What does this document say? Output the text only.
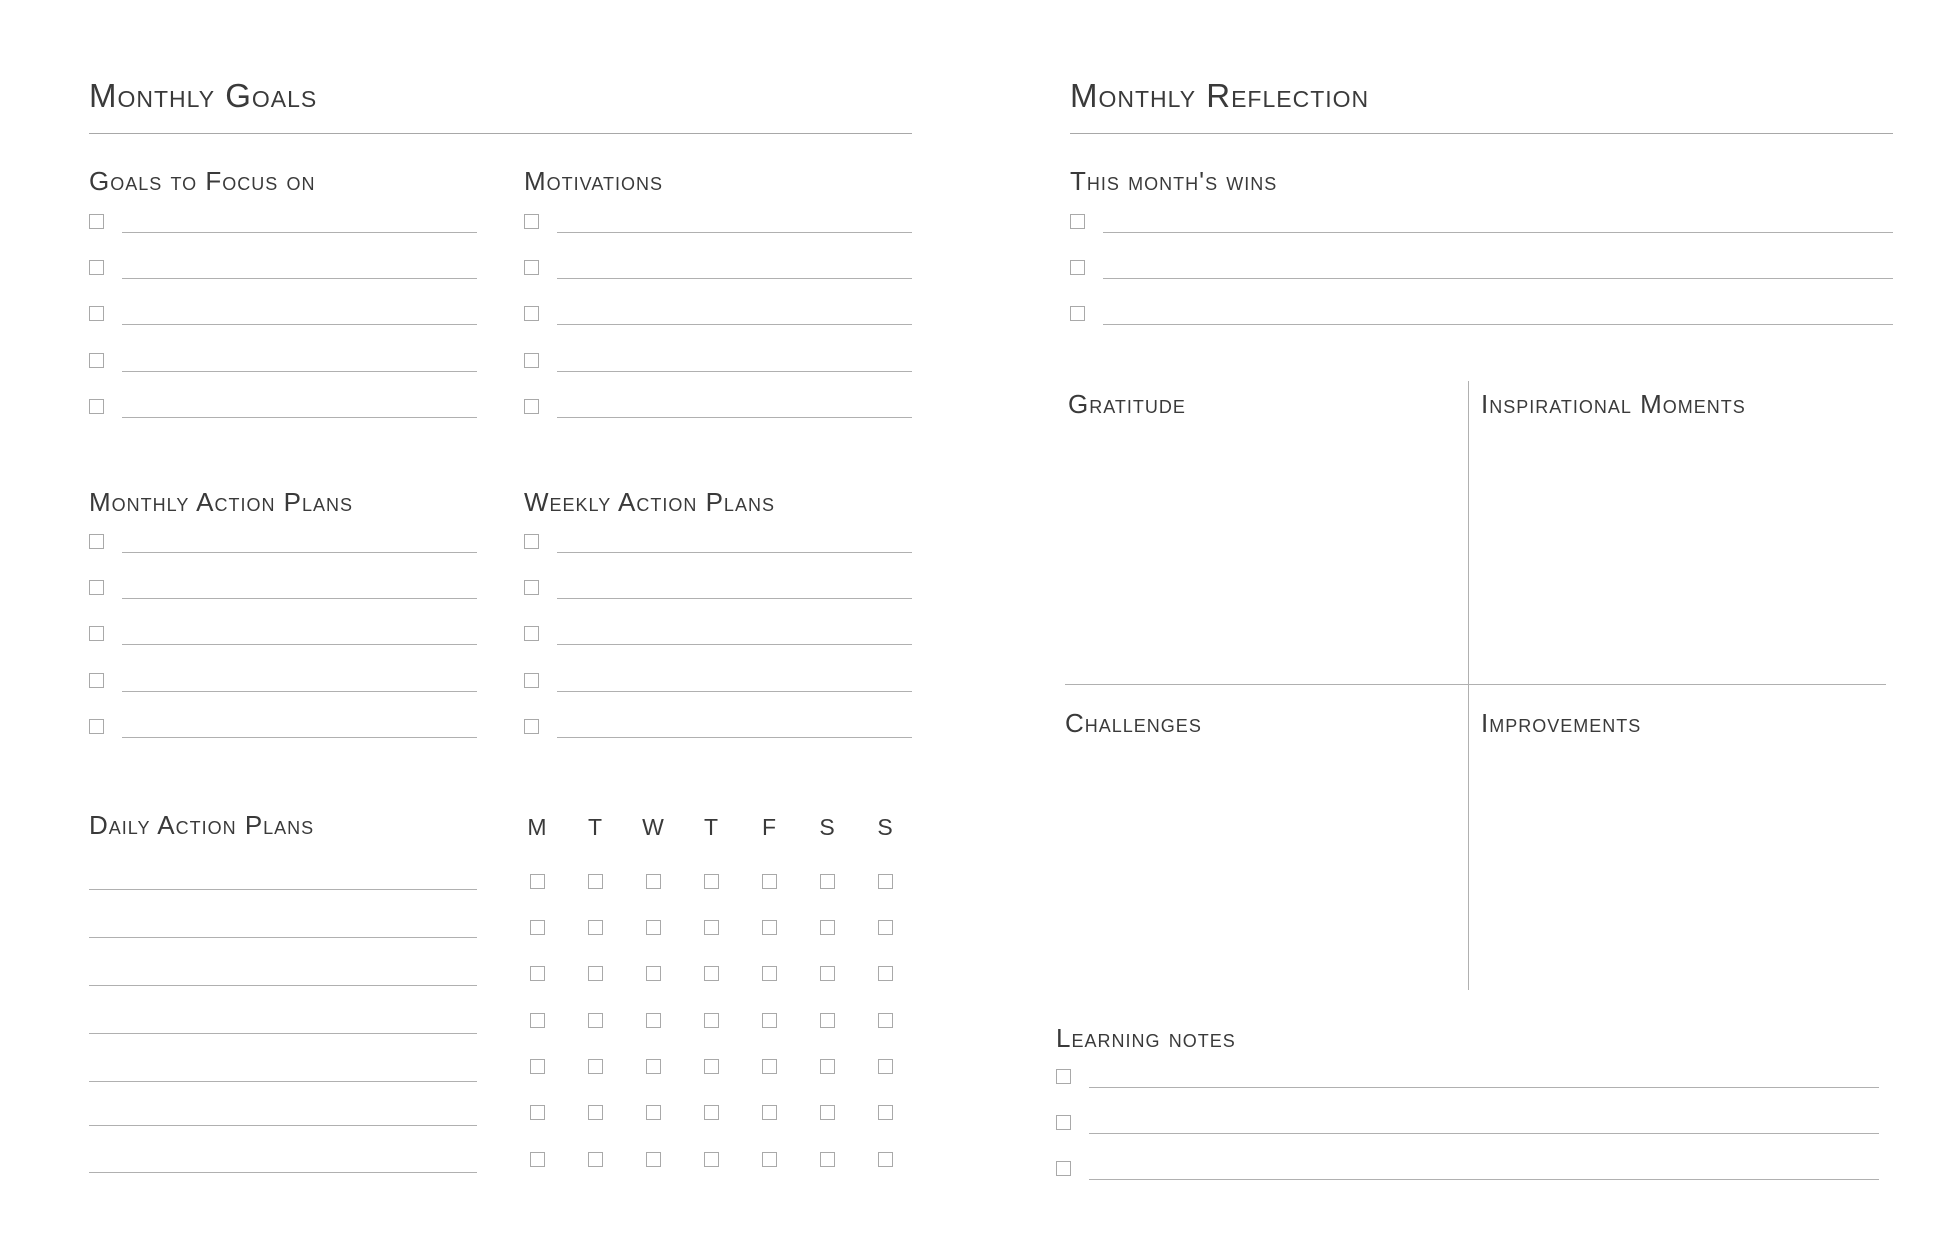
Monthly Goals
Goals to Focus on	Motivations
Monthly Action Plans	Weekly Action Plans
Daily Action Plans	M	T	W	T	F	S	S
Monthly Reflection
This month's wins
Gratitude	Inspirational Moments
Challenges	Improvements
Learning notes
